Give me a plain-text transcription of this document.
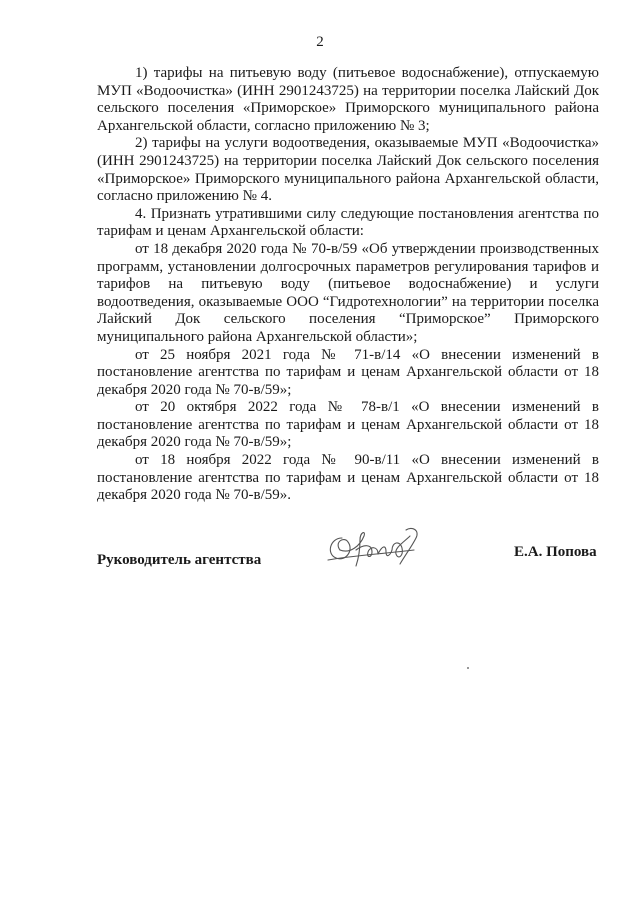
2

1) тарифы на питьевую воду (питьевое водоснабжение), отпускаемую МУП «Водоочистка» (ИНН 2901243725) на территории поселка Лайский Док сельского поселения «Приморское» Приморского муниципального района Архангельской области, согласно приложению № 3;

2) тарифы на услуги водоотведения, оказываемые МУП «Водоочистка» (ИНН 2901243725) на территории поселка Лайский Док сельского поселения «Приморское» Приморского муниципального района Архангельской области, согласно приложению № 4.

4. Признать утратившими силу следующие постановления агентства по тарифам и ценам Архангельской области:

от 18 декабря 2020 года № 70-в/59 «Об утверждении производственных программ, установлении долгосрочных параметров регулирования тарифов и тарифов на питьевую воду (питьевое водоснабжение) и услуги водоотведения, оказываемые ООО “Гидротехнологии” на территории поселка Лайский Док сельского поселения “Приморское” Приморского муниципального района Архангельской области»;

от 25 ноября 2021 года № 71-в/14 «О внесении изменений в постановление агентства по тарифам и ценам Архангельской области от 18 декабря 2020 года № 70-в/59»;

от 20 октября 2022 года № 78-в/1 «О внесении изменений в постановление агентства по тарифам и ценам Архангельской области от 18 декабря 2020 года № 70-в/59»;

от 18 ноября 2022 года № 90-в/11 «О внесении изменений в постановление агентства по тарифам и ценам Архангельской области от 18 декабря 2020 года № 70-в/59».

Руководитель агентства	Е.А. Попова
